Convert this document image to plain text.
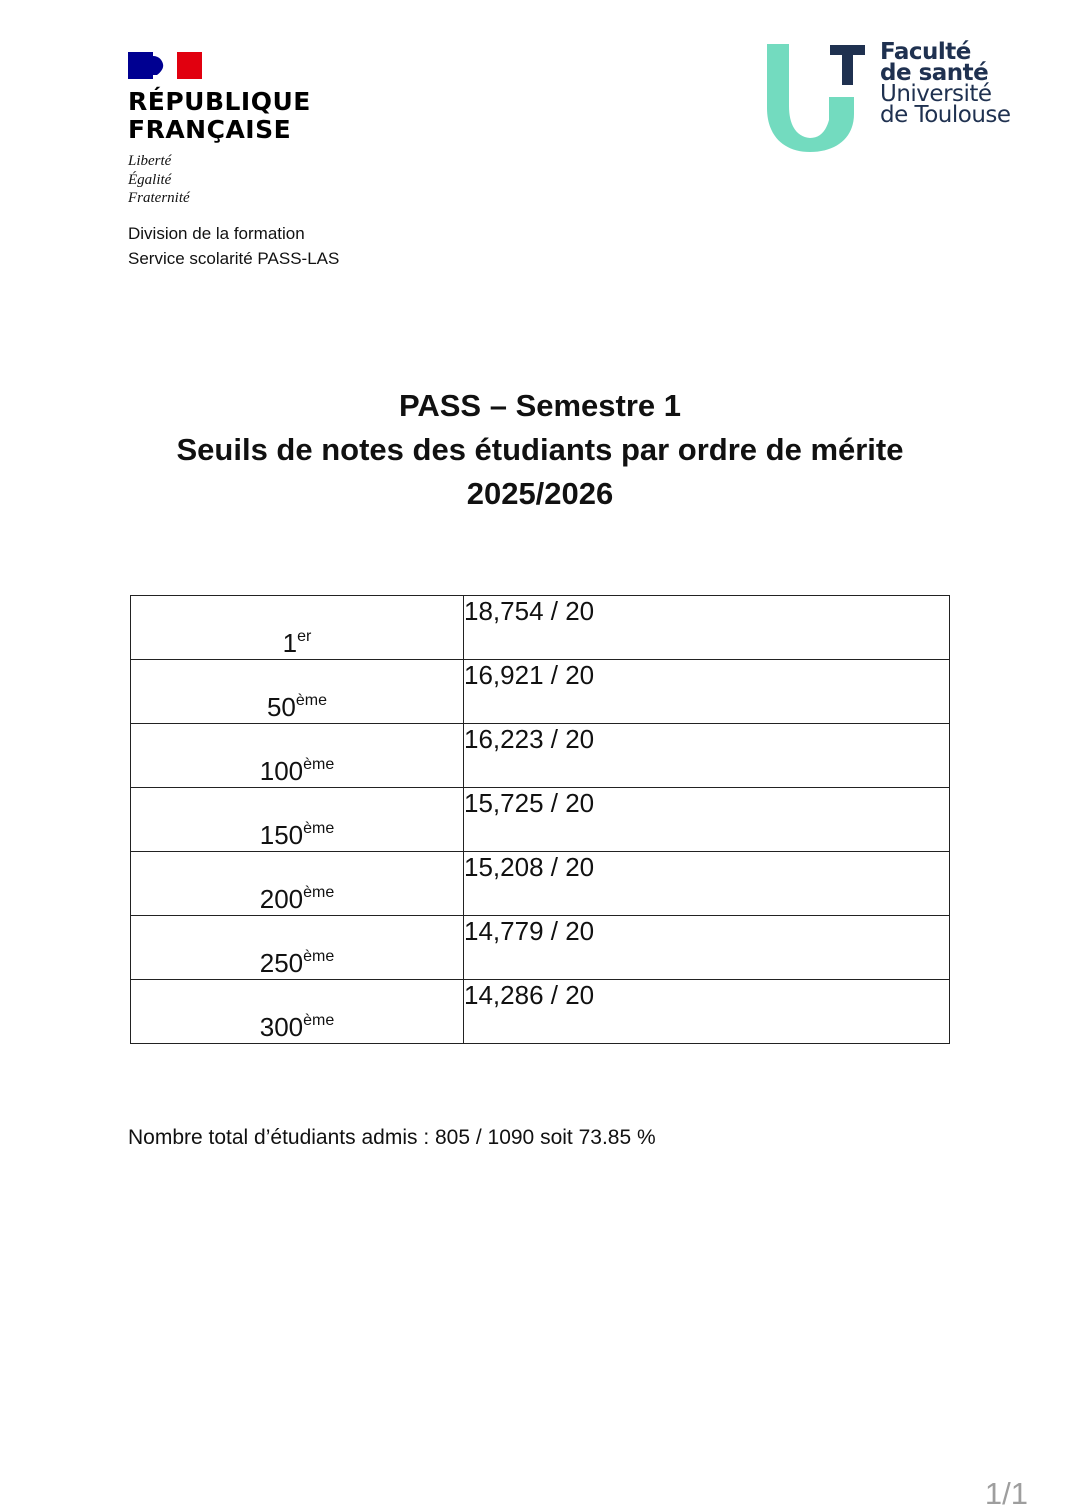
RÉPUBLIQUE
FRANÇAISE
Liberté
Égalité
Fraternité
Division de la formation
Service scolarité PASS-LAS
Faculté
de santé
Université
de Toulouse
PASS – Semestre 1
Seuils de notes des étudiants par ordre de mérite
2025/2026
1er	18,754 / 20
50ème	16,921 / 20
100ème	16,223 / 20
150ème	15,725 / 20
200ème	15,208 / 20
250ème	14,779 / 20
300ème	14,286 / 20
Nombre total d’étudiants admis : 805 / 1090 soit 73.85 %
1/1
